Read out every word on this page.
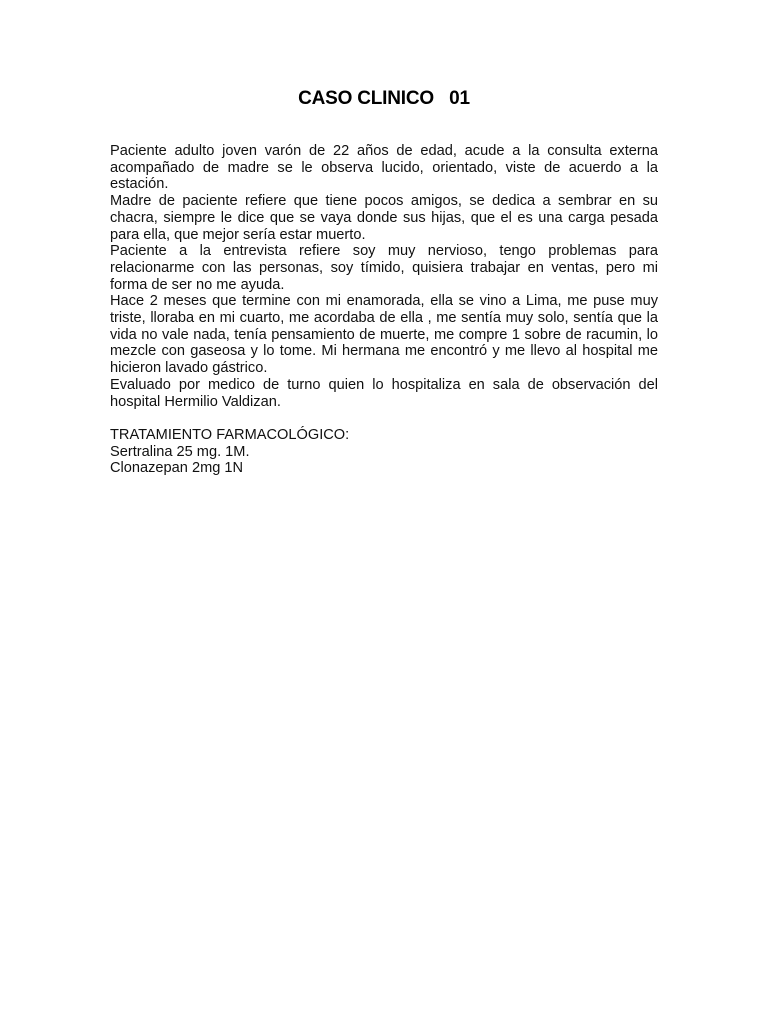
CASO CLINICO   01

Paciente adulto joven varón de 22 años de edad, acude a la consulta externa acompañado de madre se le observa lucido, orientado, viste de acuerdo a la estación.

Madre de paciente refiere que tiene pocos amigos, se dedica a sembrar en su chacra, siempre le dice que se vaya donde sus hijas, que el es una carga pesada para ella, que mejor sería estar muerto.

Paciente a la entrevista refiere soy muy nervioso, tengo problemas para relacionarme con las personas, soy tímido, quisiera trabajar en ventas, pero mi forma de ser no me ayuda.

Hace 2 meses que termine con mi enamorada, ella se vino a Lima, me puse muy triste, lloraba en mi cuarto, me acordaba de ella , me sentía muy solo, sentía que la vida no vale nada, tenía pensamiento de muerte, me compre 1 sobre de racumin, lo mezcle con gaseosa y lo tome. Mi hermana me encontró y me llevo al hospital me hicieron lavado gástrico.

Evaluado por medico de turno quien lo hospitaliza en sala de observación del hospital Hermilio Valdizan.

TRATAMIENTO FARMACOLÓGICO:

Sertralina 25 mg. 1M.

Clonazepan 2mg 1N
